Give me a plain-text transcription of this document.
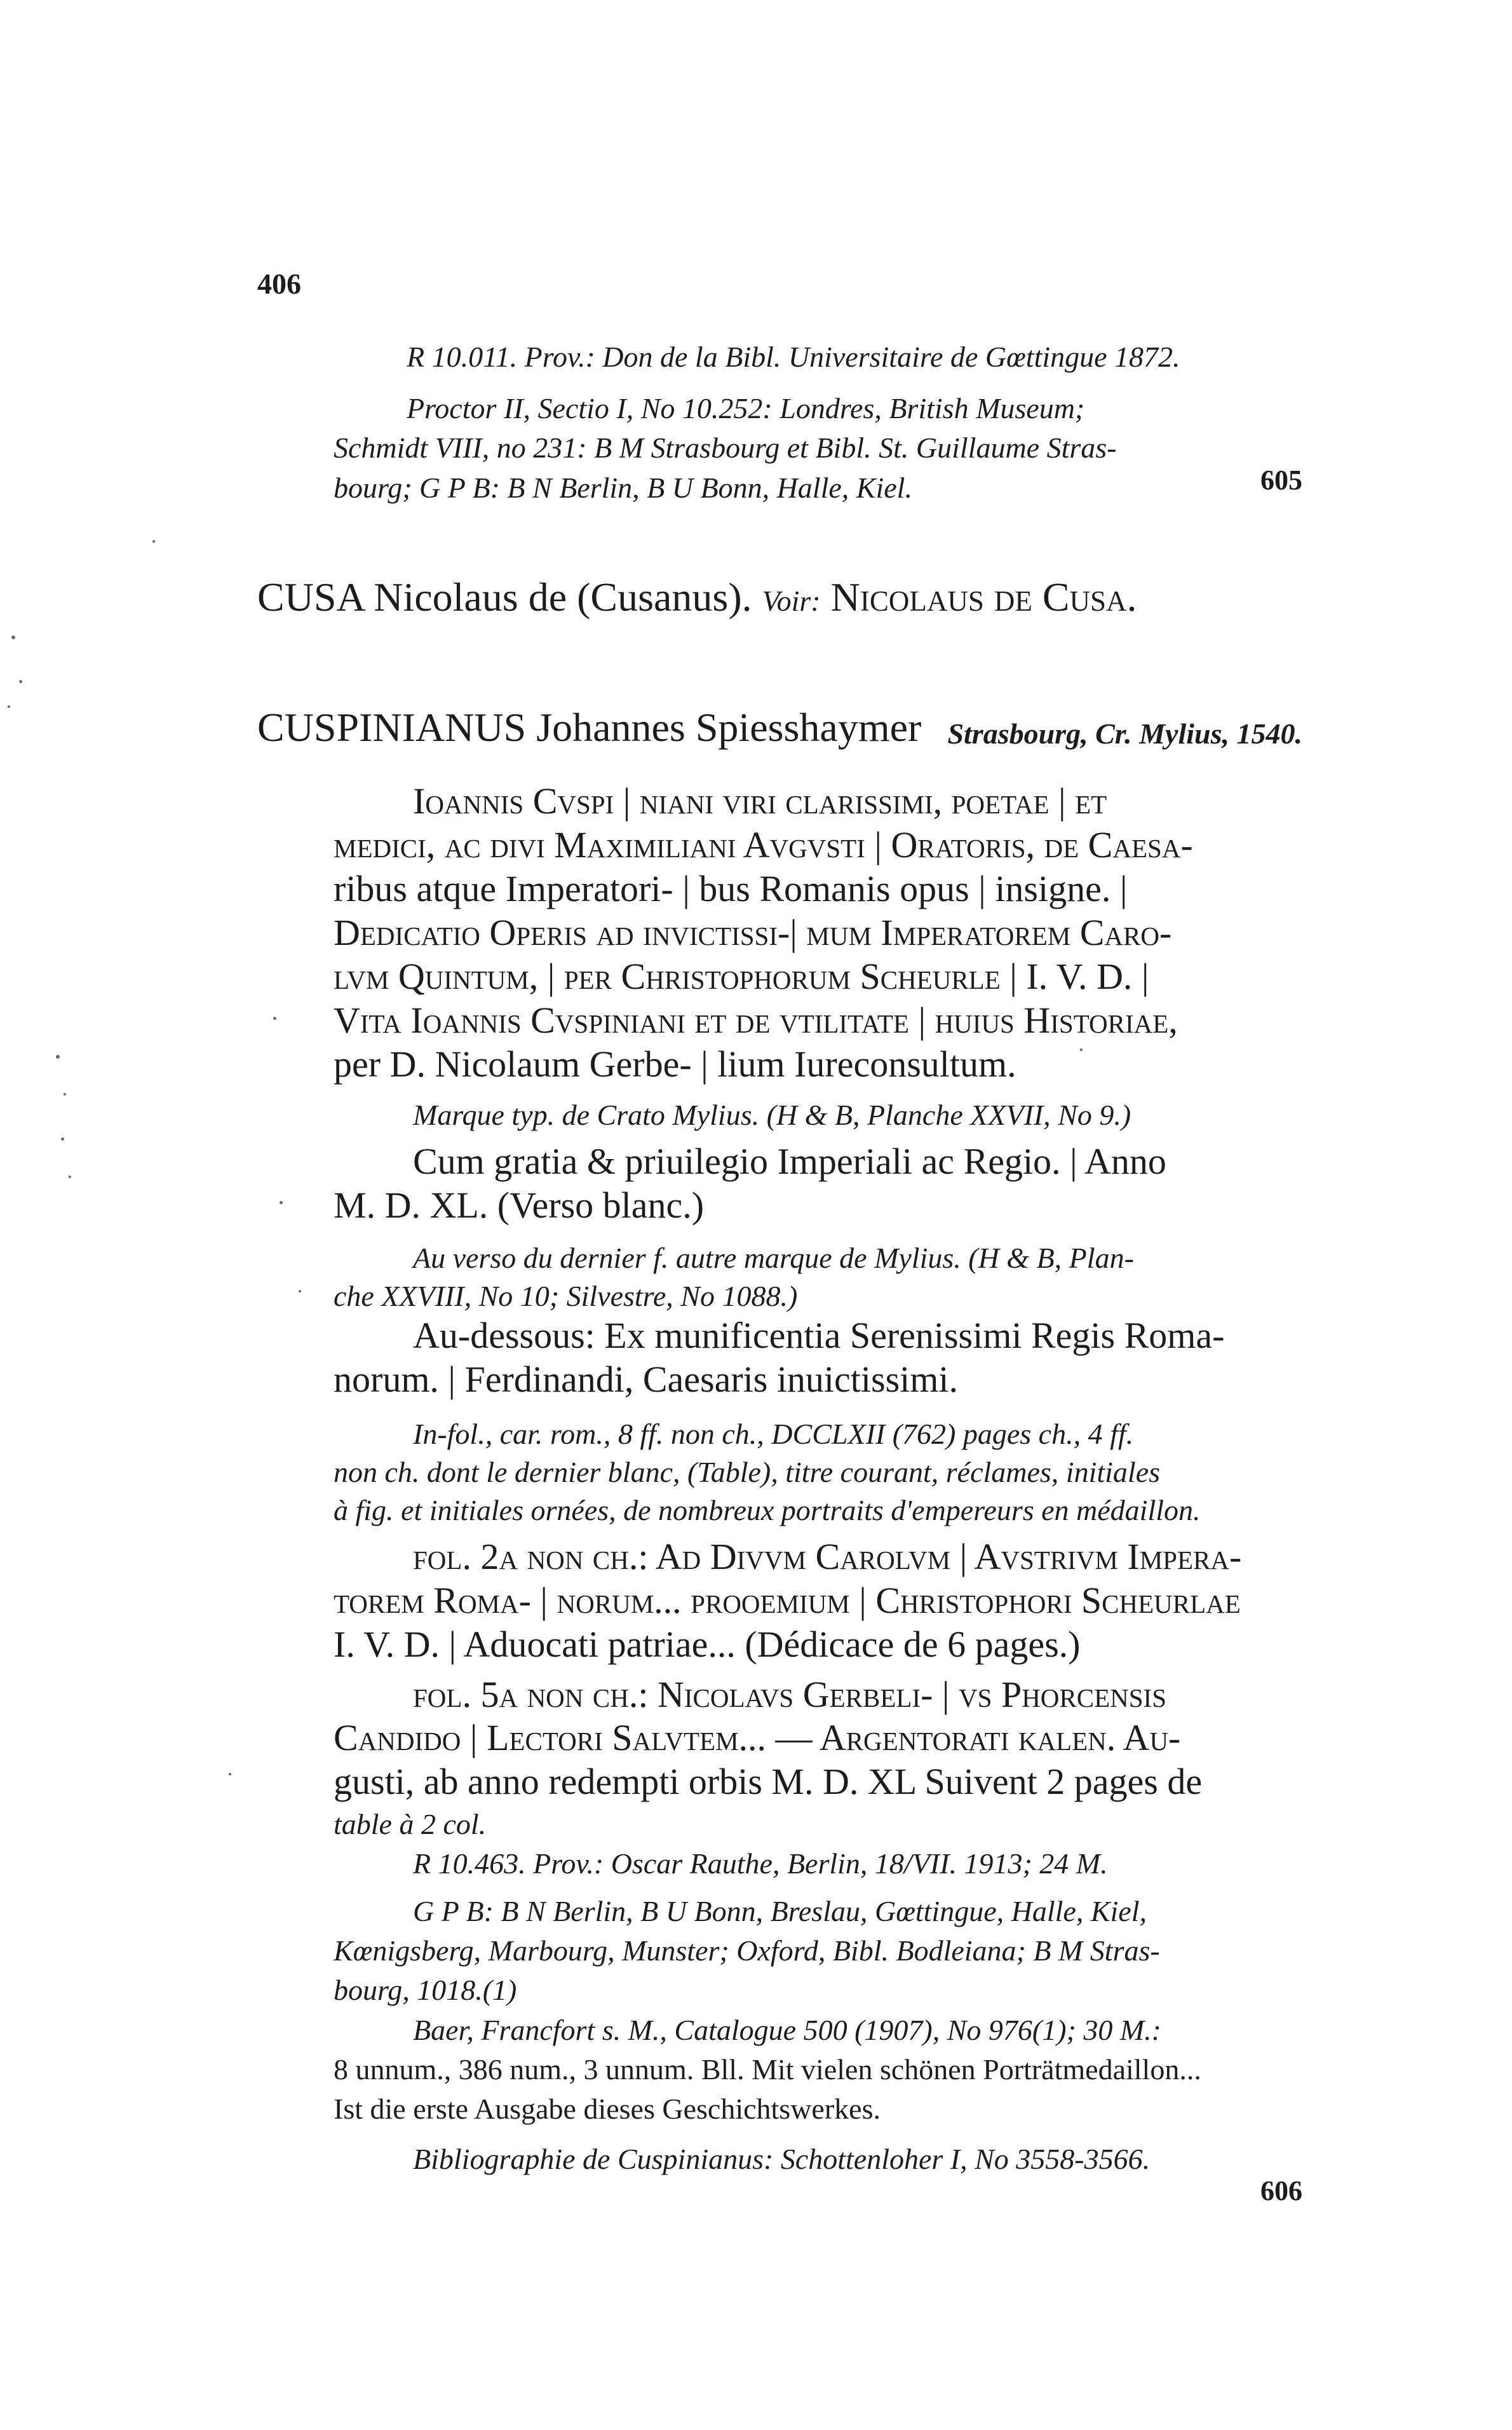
406
R 10.011. Prov.: Don de la Bibl. Universitaire de Gœttingue 1872.
Proctor II, Sectio I, No 10.252: Londres, British Museum;
Schmidt VIII, no 231: B M Strasbourg et Bibl. St. Guillaume Stras-
bourg; G P B: B N Berlin, B U Bonn, Halle, Kiel.	605
CUSA Nicolaus de (Cusanus). Voir: Nicolaus de Cusa.
CUSPINIANUS Johannes Spiesshaymer Strasbourg, Cr. Mylius, 1540.
Ioannis Cvspi | niani viri clarissimi, poetae | et
medici, ac divi Maximiliani Avgvsti | Oratoris, de Caesa-
ribus atque Imperatori- | bus Romanis opus | insigne. |
Dedicatio Operis ad invictissi-| mum Imperatorem Caro-
lvm Quintum, | per Christophorum Scheurle | I. V. D. |
Vita Ioannis Cvspiniani et de vtilitate | huius Historiae,
per D. Nicolaum Gerbe- | lium Iureconsultum.
Marque typ. de Crato Mylius. (H & B, Planche XXVII, No 9.)
Cum gratia & priuilegio Imperiali ac Regio. | Anno
M. D. XL. (Verso blanc.)
Au verso du dernier f. autre marque de Mylius. (H & B, Plan-
che XXVIII, No 10; Silvestre, No 1088.)
Au-dessous: Ex munificentia Serenissimi Regis Roma-
norum. | Ferdinandi, Caesaris inuictissimi.
In-fol., car. rom., 8 ff. non ch., DCCLXII (762) pages ch., 4 ff.
non ch. dont le dernier blanc, (Table), titre courant, réclames, initiales
à fig. et initiales ornées, de nombreux portraits d'empereurs en médaillon.
fol. 2a non ch.: Ad Divvm Carolvm | Avstrivm Impera-
torem Roma- | norum... prooemium | Christophori Scheurlae
I. V. D. | Aduocati patriae... (Dédicace de 6 pages.)
fol. 5a non ch.: Nicolavs Gerbeli- | vs Phorcensis
Candido | Lectori Salvtem... — Argentorati kalen. Au-
gusti, ab anno redempti orbis M. D. XL Suivent 2 pages de
table à 2 col.
R 10.463. Prov.: Oscar Rauthe, Berlin, 18/VII. 1913; 24 M.
G P B: B N Berlin, B U Bonn, Breslau, Gœttingue, Halle, Kiel,
Kœnigsberg, Marbourg, Munster; Oxford, Bibl. Bodleiana; B M Stras-
bourg, 1018.(1)
Baer, Francfort s. M., Catalogue 500 (1907), No 976(1); 30 M.:
8 unnum., 386 num., 3 unnum. Bll. Mit vielen schönen Porträtmedaillon...
Ist die erste Ausgabe dieses Geschichtswerkes.
Bibliographie de Cuspinianus: Schottenloher I, No 3558-3566.
606
